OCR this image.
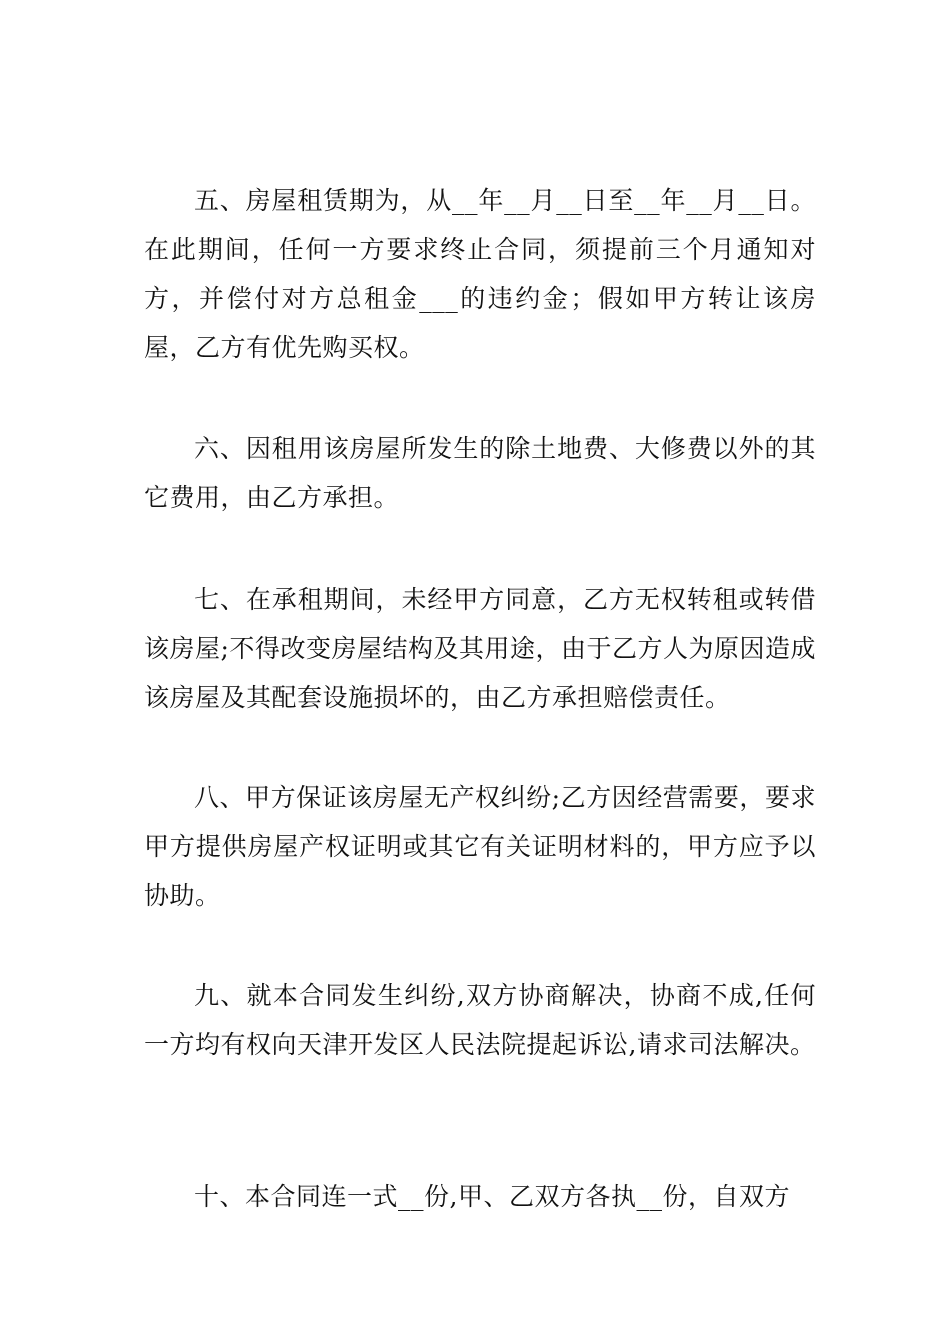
五、房屋租赁期为，从__年__月__日至__年__月__日。在此期间，任何一方要求终止合同，须提前三个月通知对方，并偿付对方总租金___的违约金；假如甲方转让该房屋，乙方有优先购买权。

六、因租用该房屋所发生的除土地费、大修费以外的其它费用，由乙方承担。

七、在承租期间，未经甲方同意，乙方无权转租或转借该房屋;不得改变房屋结构及其用途，由于乙方人为原因造成该房屋及其配套设施损坏的，由乙方承担赔偿责任。

八、甲方保证该房屋无产权纠纷;乙方因经营需要，要求甲方提供房屋产权证明或其它有关证明材料的，甲方应予以协助。

九、就本合同发生纠纷,双方协商解决，协商不成,任何一方均有权向天津开发区人民法院提起诉讼,请求司法解决。

十、本合同连一式__份,甲、乙双方各执__份，自双方
